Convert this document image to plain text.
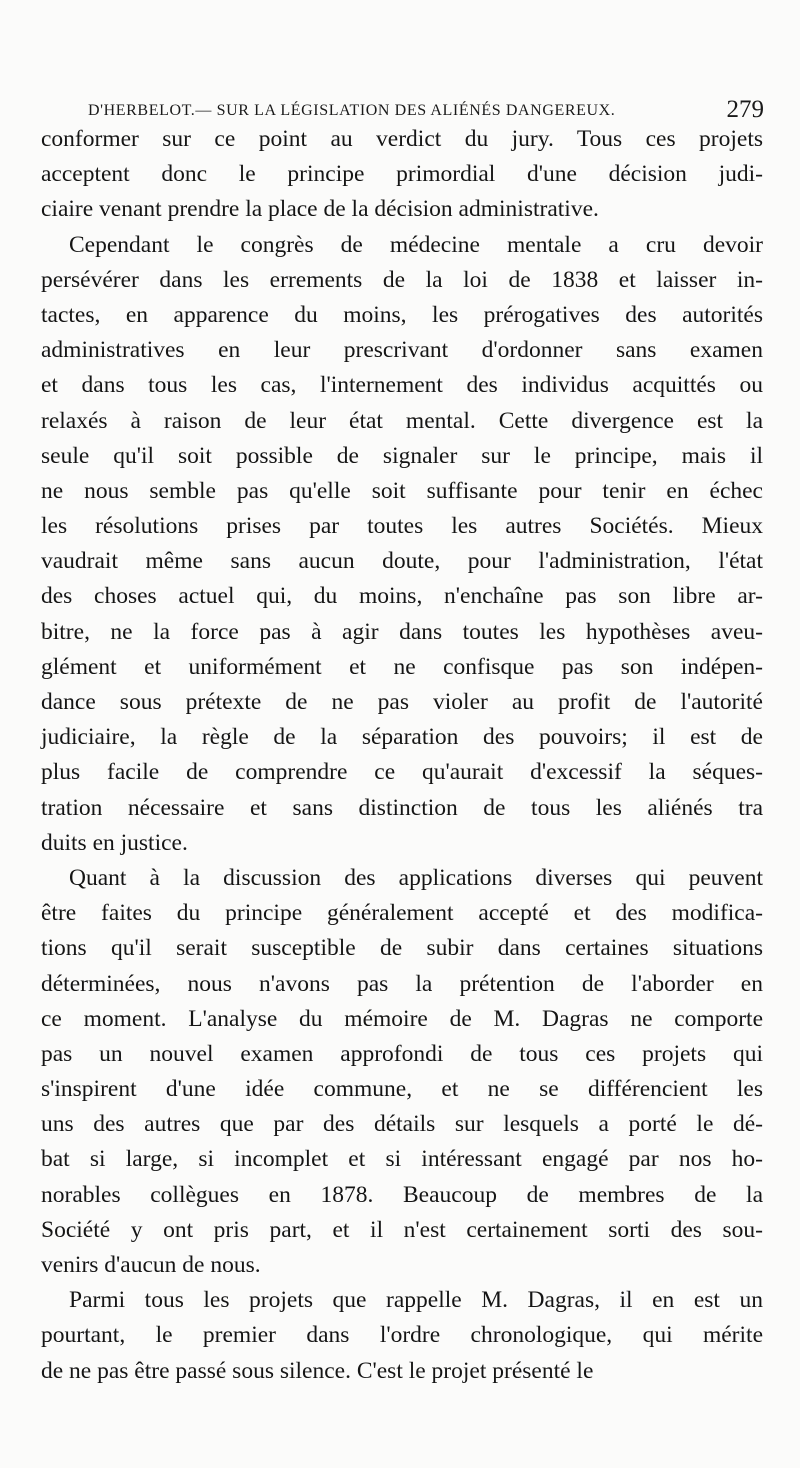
D'HERBELOT.— SUR LA LÉGISLATION DES ALIÉNÉS DANGEREUX.	279
conformer sur ce point au verdict du jury. Tous ces projets
acceptent donc le principe primordial d'une décision judi-
ciaire venant prendre la place de la décision administrative.
Cependant le congrès de médecine mentale a cru devoir
persévérer dans les errements de la loi de 1838 et laisser in-
tactes, en apparence du moins, les prérogatives des autorités
administratives en leur prescrivant d'ordonner sans examen
et dans tous les cas, l'internement des individus acquittés ou
relaxés à raison de leur état mental. Cette divergence est la
seule qu'il soit possible de signaler sur le principe, mais il
ne nous semble pas qu'elle soit suffisante pour tenir en échec
les résolutions prises par toutes les autres Sociétés. Mieux
vaudrait même sans aucun doute, pour l'administration, l'état
des choses actuel qui, du moins, n'enchaîne pas son libre ar-
bitre, ne la force pas à agir dans toutes les hypothèses aveu-
glément et uniformément et ne confisque pas son indépen-
dance sous prétexte de ne pas violer au profit de l'autorité
judiciaire, la règle de la séparation des pouvoirs; il est de
plus facile de comprendre ce qu'aurait d'excessif la séques-
tration nécessaire et sans distinction de tous les aliénés tra
duits en justice.
Quant à la discussion des applications diverses qui peuvent
être faites du principe généralement accepté et des modifica-
tions qu'il serait susceptible de subir dans certaines situations
déterminées, nous n'avons pas la prétention de l'aborder en
ce moment. L'analyse du mémoire de M. Dagras ne comporte
pas un nouvel examen approfondi de tous ces projets qui
s'inspirent d'une idée commune, et ne se différencient les
uns des autres que par des détails sur lesquels a porté le dé-
bat si large, si incomplet et si intéressant engagé par nos ho-
norables collègues en 1878. Beaucoup de membres de la
Société y ont pris part, et il n'est certainement sorti des sou-
venirs d'aucun de nous.
Parmi tous les projets que rappelle M. Dagras, il en est un
pourtant, le premier dans l'ordre chronologique, qui mérite
de ne pas être passé sous silence. C'est le projet présenté le
